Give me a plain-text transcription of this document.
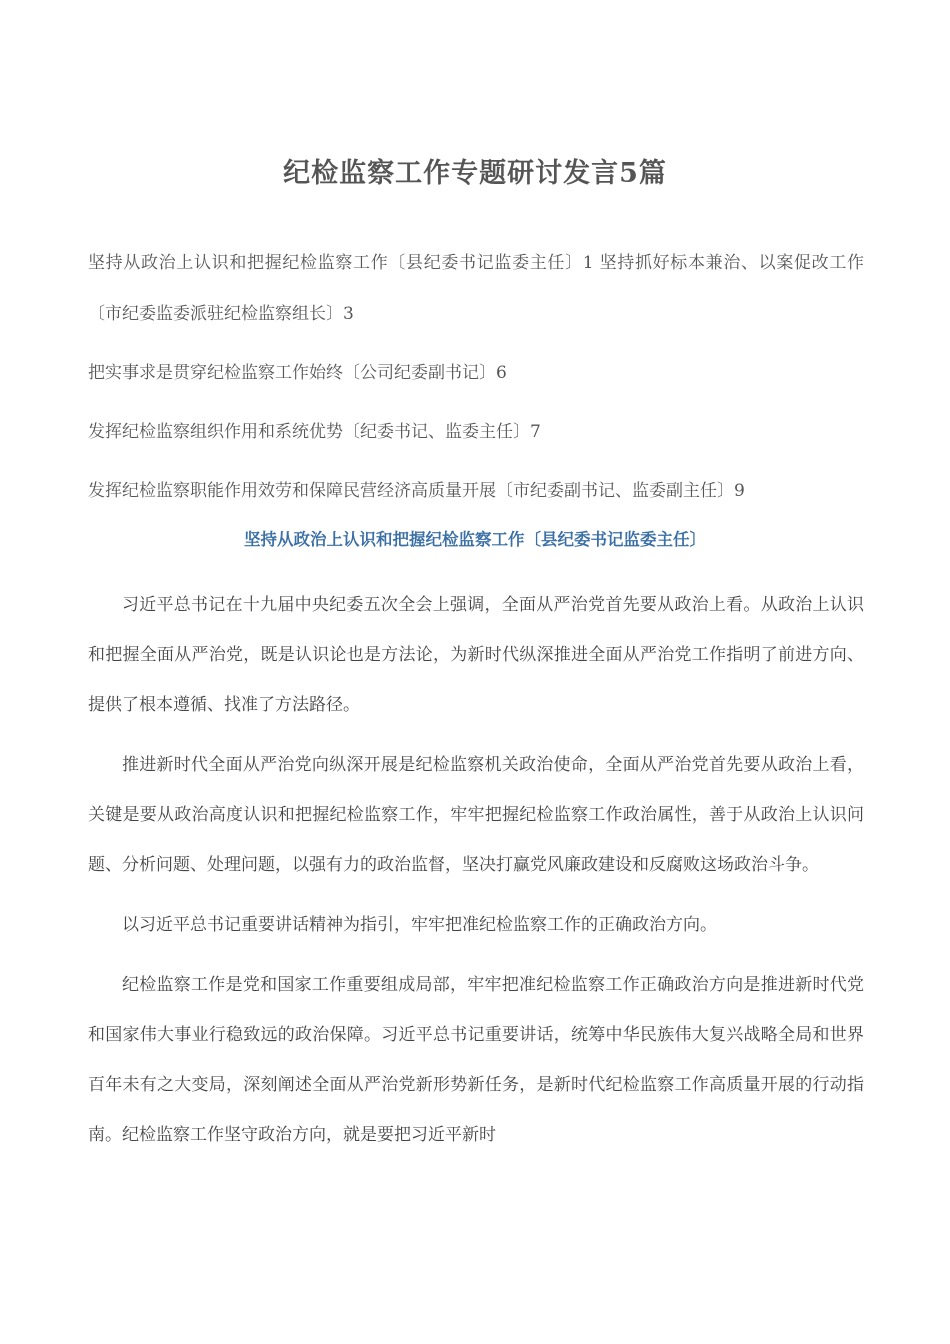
纪检监察工作专题研讨发言5篇

坚持从政治上认识和把握纪检监察工作〔县纪委书记监委主任〕1 坚持抓好标本兼治、以案促改工作〔市纪委监委派驻纪检监察组长〕3

把实事求是贯穿纪检监察工作始终〔公司纪委副书记〕6

发挥纪检监察组织作用和系统优势〔纪委书记、监委主任〕7

发挥纪检监察职能作用效劳和保障民营经济高质量开展〔市纪委副书记、监委副主任〕9

坚持从政治上认识和把握纪检监察工作〔县纪委书记监委主任〕

习近平总书记在十九届中央纪委五次全会上强调，全面从严治党首先要从政治上看。从政治上认识和把握全面从严治党，既是认识论也是方法论，为新时代纵深推进全面从严治党工作指明了前进方向、提供了根本遵循、找准了方法路径。

推进新时代全面从严治党向纵深开展是纪检监察机关政治使命，全面从严治党首先要从政治上看，关键是要从政治高度认识和把握纪检监察工作，牢牢把握纪检监察工作政治属性，善于从政治上认识问题、分析问题、处理问题，以强有力的政治监督，坚决打赢党风廉政建设和反腐败这场政治斗争。

以习近平总书记重要讲话精神为指引，牢牢把准纪检监察工作的正确政治方向。

纪检监察工作是党和国家工作重要组成局部，牢牢把准纪检监察工作正确政治方向是推进新时代党和国家伟大事业行稳致远的政治保障。习近平总书记重要讲话，统筹中华民族伟大复兴战略全局和世界百年未有之大变局，深刻阐述全面从严治党新形势新任务，是新时代纪检监察工作高质量开展的行动指南。纪检监察工作坚守政治方向，就是要把习近平新时
